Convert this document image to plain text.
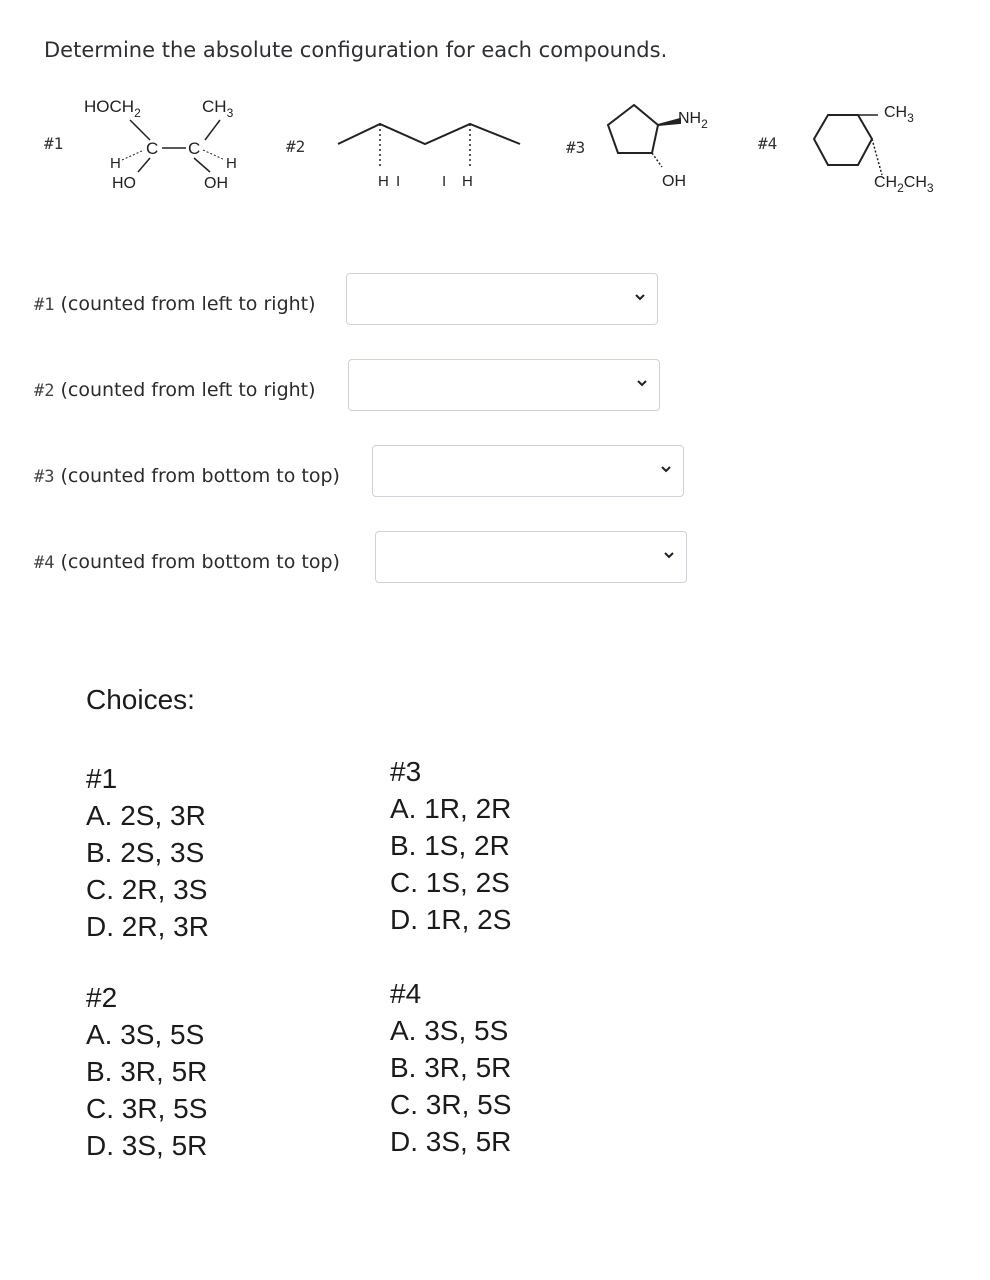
Determine the absolute configuration for each compounds.
#1
$HOCH_2$	$CH_3$
C C
H	H
HO	OH
#2
H I	I H
#3
$NH_2$
OH
#4
$CH_3$
$CH_2CH_3$
#1 (counted from left to right)
#2 (counted from left to right)
#3 (counted from bottom to top)
#4 (counted from bottom to top)
Choices:
#1
A. 2S, 3R
B. 2S, 3S
C. 2R, 3S
D. 2R, 3R
#3
A. 1R, 2R
B. 1S, 2R
C. 1S, 2S
D. 1R, 2S
#2
A. 3S, 5S
B. 3R, 5R
C. 3R, 5S
D. 3S, 5R
#4
A. 3S, 5S
B. 3R, 5R
C. 3R, 5S
D. 3S, 5R
